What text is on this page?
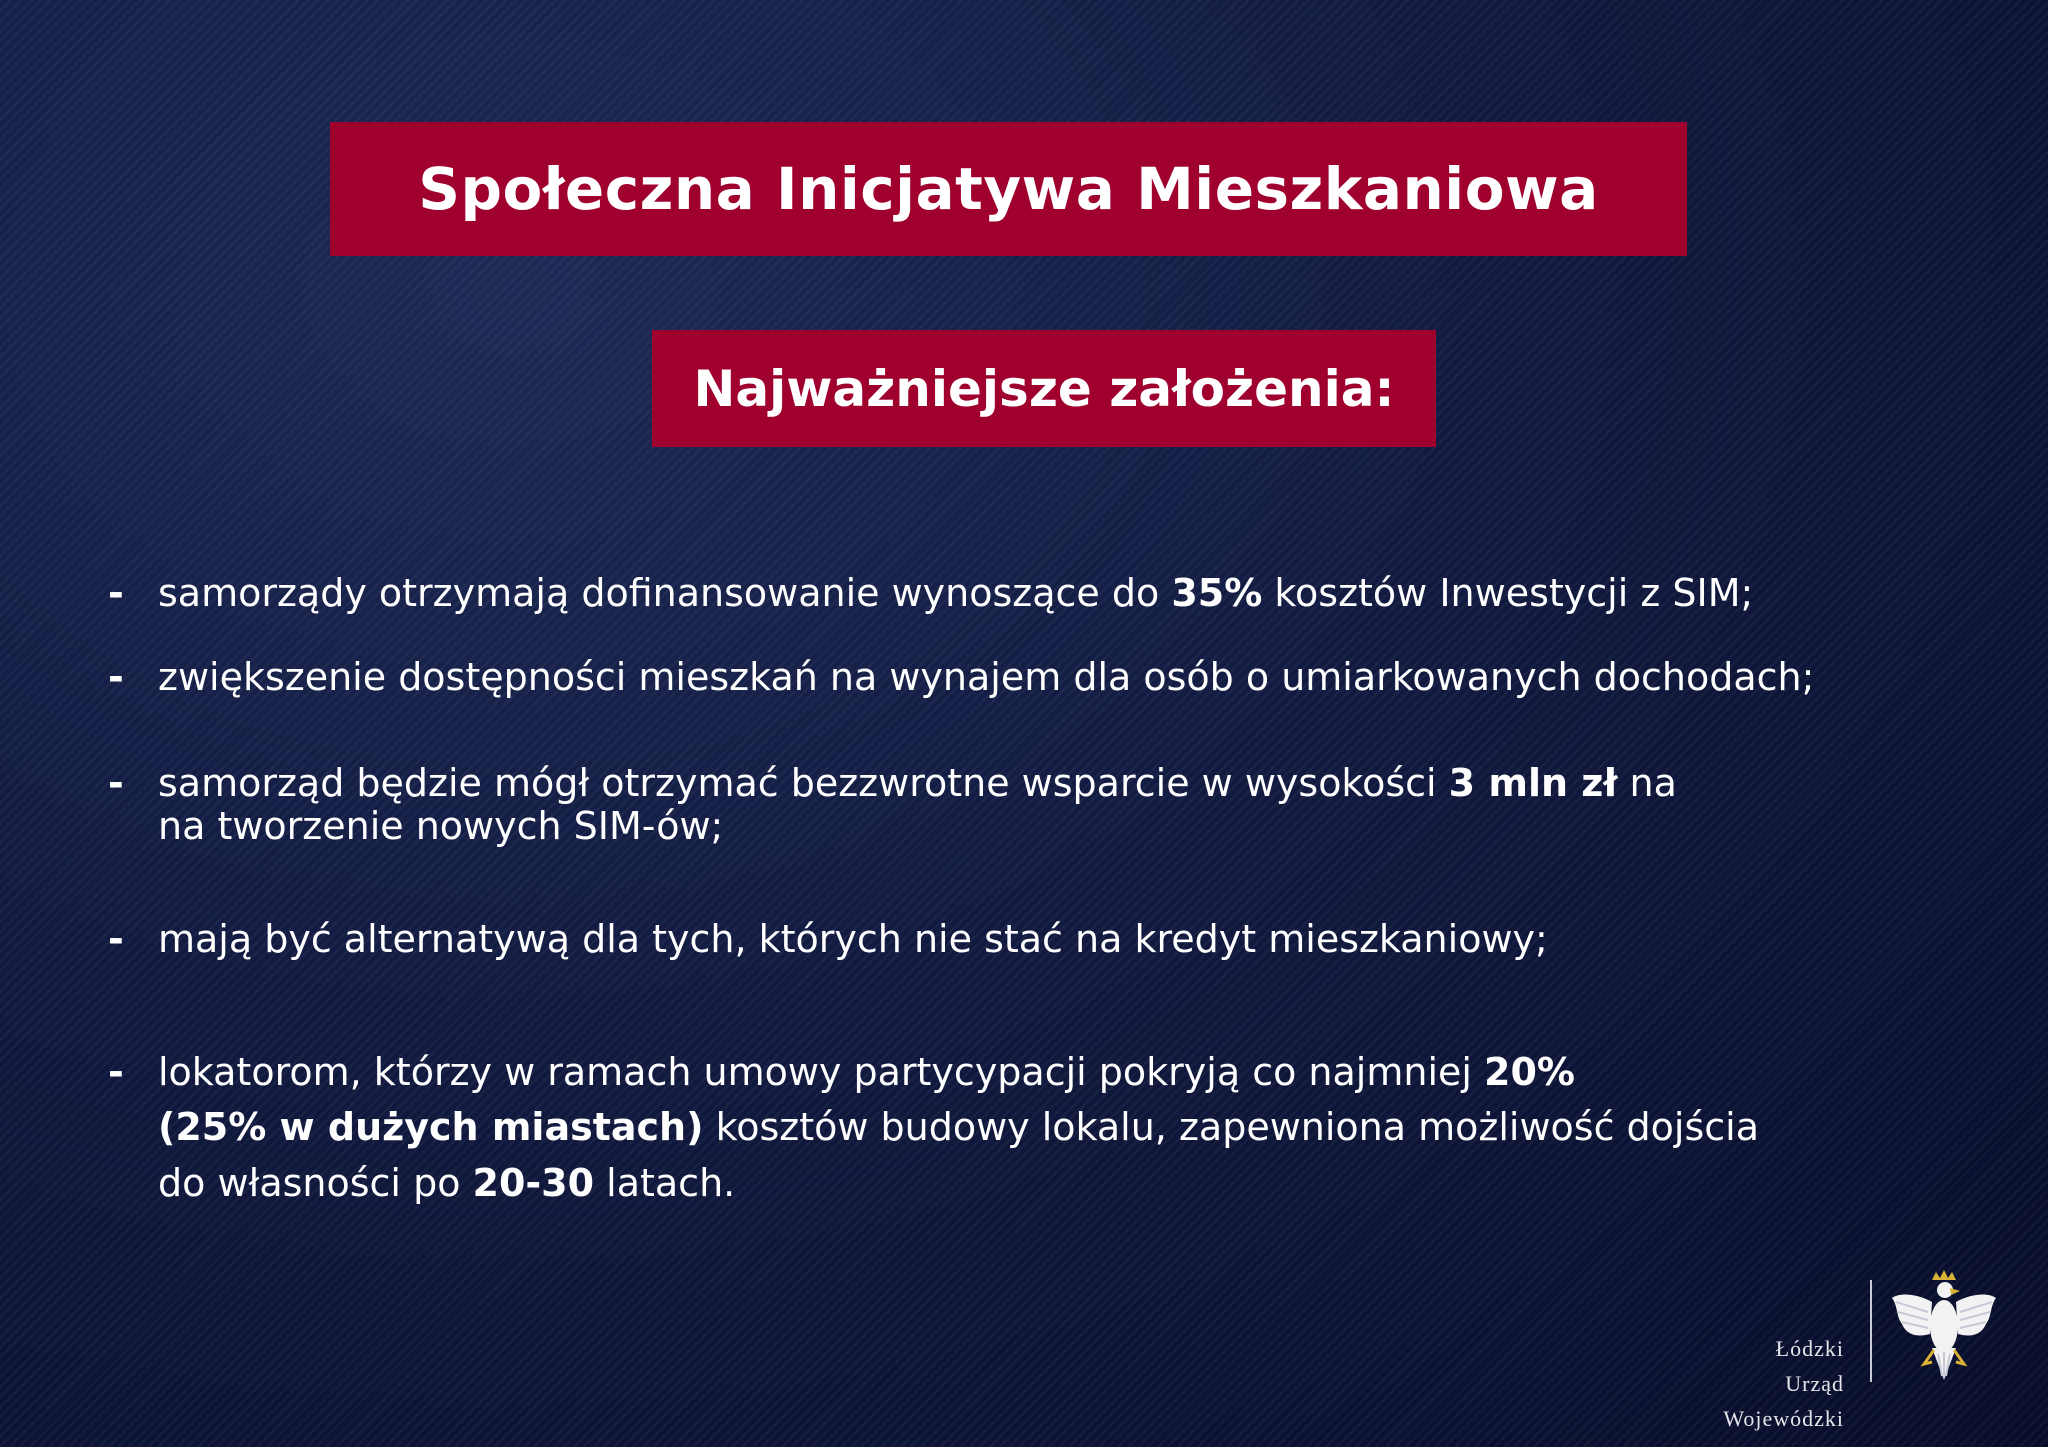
Społeczna Inicjatywa Mieszkaniowa
Najważniejsze założenia:
- samorządy otrzymają dofinansowanie wynoszące do 35% kosztów Inwestycji z SIM;
- zwiększenie dostępności mieszkań na wynajem dla osób o umiarkowanych dochodach;
- samorząd będzie mógł otrzymać bezzwrotne wsparcie w wysokości 3 mln zł na
na tworzenie nowych SIM-ów;
- mają być alternatywą dla tych, których nie stać na kredyt mieszkaniowy;
- lokatorom, którzy w ramach umowy partycypacji pokryją co najmniej 20%
(25% w dużych miastach) kosztów budowy lokalu, zapewniona możliwość dojścia
do własności po 20-30 latach.
Łódzki
Urząd
Wojewódzki
